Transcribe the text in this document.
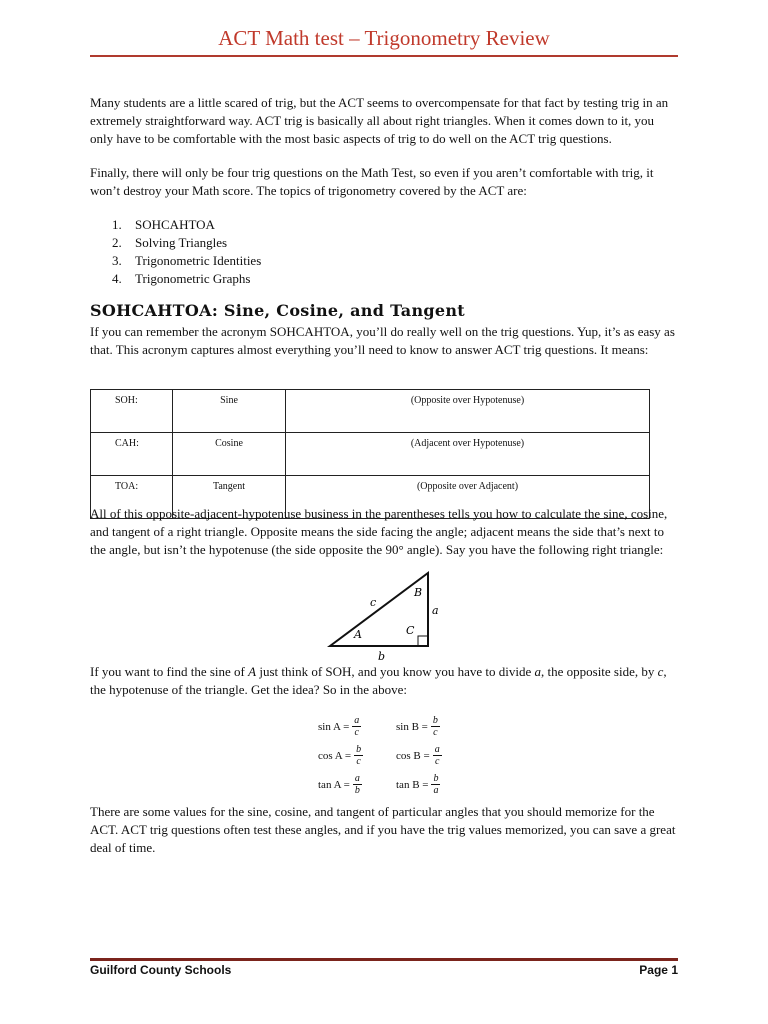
ACT Math test – Trigonometry Review
Many students are a little scared of trig, but the ACT seems to overcompensate for that fact by testing trig in an extremely straightforward way. ACT trig is basically all about right triangles. When it comes down to it, you only have to be comfortable with the most basic aspects of trig to do well on the ACT trig questions.
Finally, there will only be four trig questions on the Math Test, so even if you aren’t comfortable with trig, it won’t destroy your Math score. The topics of trigonometry covered by the ACT are:
1.	SOHCAHTOA
2.	Solving Triangles
3.	Trigonometric Identities
4.	Trigonometric Graphs
SOHCAHTOA: Sine, Cosine, and Tangent
If you can remember the acronym SOHCAHTOA, you’ll do really well on the trig questions. Yup, it’s as easy as that. This acronym captures almost everything you’ll need to know to answer ACT trig questions. It means:
SOH:	Sine	(Opposite over Hypotenuse)
CAH:	Cosine	(Adjacent over Hypotenuse)
TOA:	Tangent	(Opposite over Adjacent)
All of this opposite-adjacent-hypotenuse business in the parentheses tells you how to calculate the sine, cosine, and tangent of a right triangle. Opposite means the side facing the angle; adjacent means the side that’s next to the angle, but isn’t the hypotenuse (the side opposite the 90° angle). Say you have the following right triangle:
c
a
b
A
B
C
If you want to find the sine of A just think of SOH, and you know you have to divide a, the opposite side, by c, the hypotenuse of the triangle. Get the idea? So in the above:
$\sin A = \frac{a}{c}$	$\sin B = \frac{b}{c}$
$\cos A = \frac{b}{c}$	$\cos B = \frac{a}{c}$
$\tan A = \frac{a}{b}$	$\tan B = \frac{b}{a}$
There are some values for the sine, cosine, and tangent of particular angles that you should memorize for the ACT. ACT trig questions often test these angles, and if you have the trig values memorized, you can save a great deal of time.
Guilford County Schools	Page 1
